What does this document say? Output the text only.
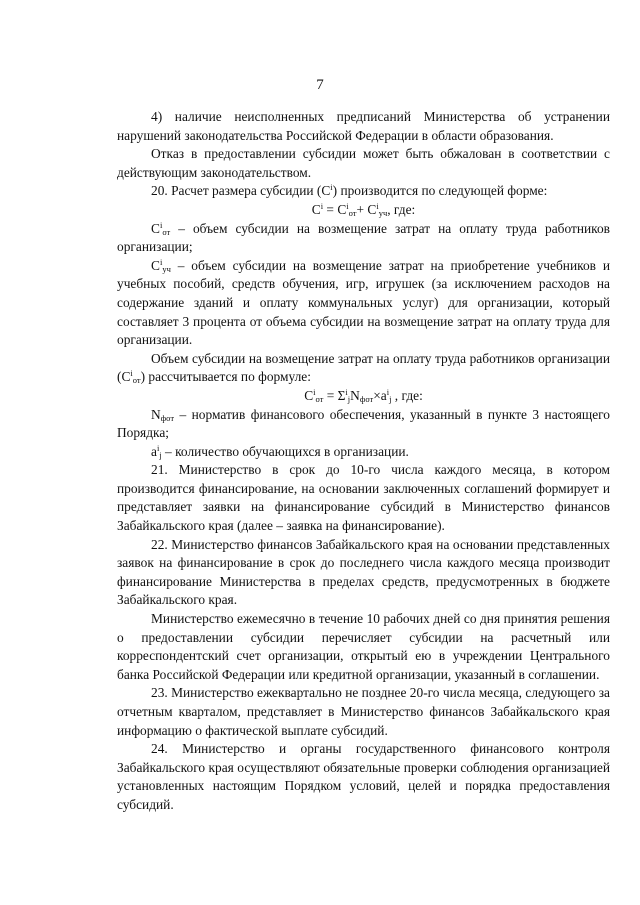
7

4) наличие неисполненных предписаний Министерства об устранении нарушений законодательства Российской Федерации в области образования.

Отказ в предоставлении субсидии может быть обжалован в соответствии с действующим законодательством.

20. Расчет размера субсидии $(С^i)$ производится по следующей форме:

$С^i = С^i_{от}+ С^i_{уч}$, где:

$С^i_{от}$ – объем субсидии на возмещение затрат на оплату труда работников организации;

$С^i_{уч}$ – объем субсидии на возмещение затрат на приобретение учебников и учебных пособий, средств обучения, игр, игрушек (за исключением расходов на содержание зданий и оплату коммунальных услуг) для организации, который составляет 3 процента от объема субсидии на возмещение затрат на оплату труда для организации.

Объем субсидии на возмещение затрат на оплату труда работников организации $(С^i_{от})$ рассчитывается по формуле:

$С^i_{от} = \Sigma^i_jN_{фот}\times a^i_j$ , где:

$N_{фот}$ – норматив финансового обеспечения, указанный в пункте 3 настоящего Порядка;

$a^i_j$ – количество обучающихся в организации.

21. Министерство в срок до 10-го числа каждого месяца, в котором производится финансирование, на основании заключенных соглашений формирует и представляет заявки на финансирование субсидий в Министерство финансов Забайкальского края (далее – заявка на финансирование).

22. Министерство финансов Забайкальского края на основании представленных заявок на финансирование в срок до последнего числа каждого месяца производит финансирование Министерства в пределах средств, предусмотренных в бюджете Забайкальского края.

Министерство ежемесячно в течение 10 рабочих дней со дня принятия решения о предоставлении субсидии перечисляет субсидии на расчетный или корреспондентский счет организации, открытый ею в учреждении Центрального банка Российской Федерации или кредитной организации, указанный в соглашении.

23. Министерство ежеквартально не позднее 20-го числа месяца, следующего за отчетным кварталом, представляет в Министерство финансов Забайкальского края информацию о фактической выплате субсидий.

24. Министерство и органы государственного финансового контроля Забайкальского края осуществляют обязательные проверки соблюдения организацией установленных настоящим Порядком условий, целей и порядка предоставления субсидий.
